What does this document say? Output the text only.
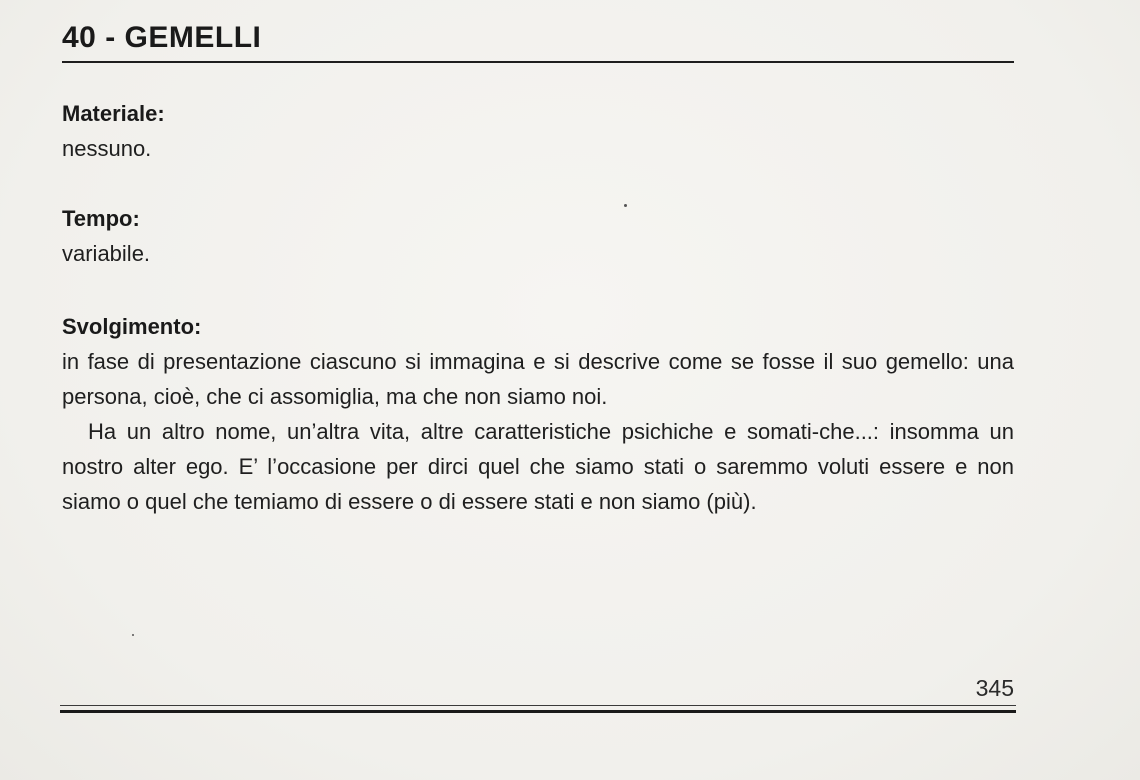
40 - GEMELLI
Materiale:
nessuno.
Tempo:
variabile.
Svolgimento:

in fase di presentazione ciascuno si immagina e si descrive come se fosse il suo gemello: una persona, cioè, che ci assomiglia, ma che non siamo noi.

Ha un altro nome, un’altra vita, altre caratteristiche psichiche e somati-che...: insomma un nostro alter ego. E’ l’occasione per dirci quel che siamo stati o saremmo voluti essere e non siamo o quel che temiamo di essere o di essere stati e non siamo (più).

345
